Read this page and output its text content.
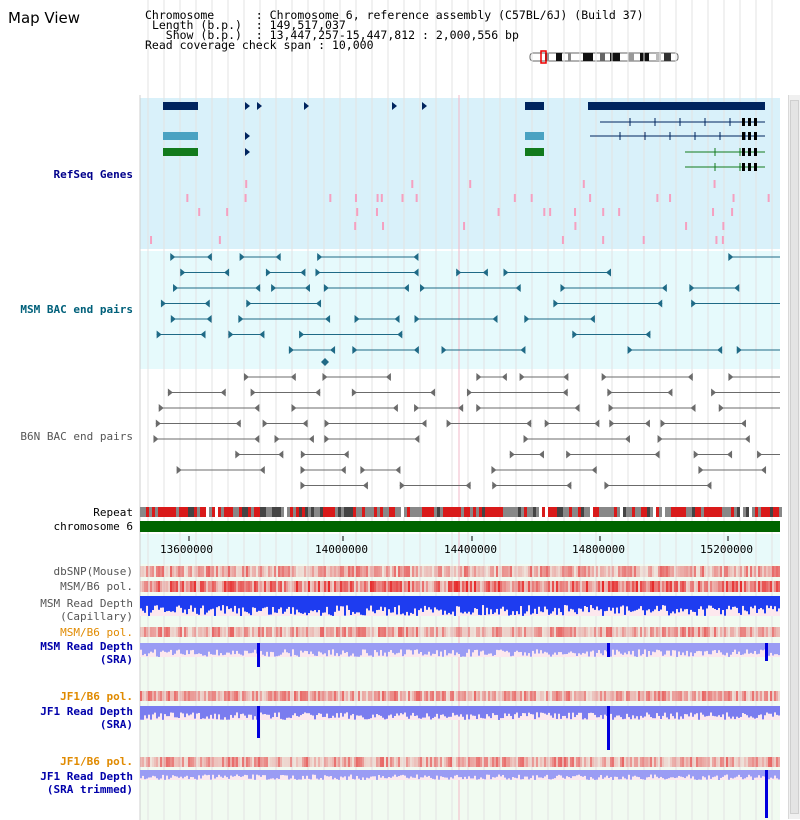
Map View	Chromosome      : Chromosome 6, reference assembly (C57BL/6J) (Build 37)
Length (b.p.)  : 149,517,037
Show (b.p.)  : 13,447,257-15,447,812 : 2,000,556 bp
Read coverage check span : 10,000
RefSeq Genes
MSM BAC end pairs
B6N BAC end pairs
Repeat
chromosome 6
dbSNP(Mouse)
MSM/B6 pol.
MSM Read Depth
(Capillary)
MSM/B6 pol.
MSM Read Depth
(SRA)
JF1/B6 pol.
JF1 Read Depth
(SRA)
JF1/B6 pol.
JF1 Read Depth
(SRA trimmed)
13600000	14000000	14400000	14800000	15200000
